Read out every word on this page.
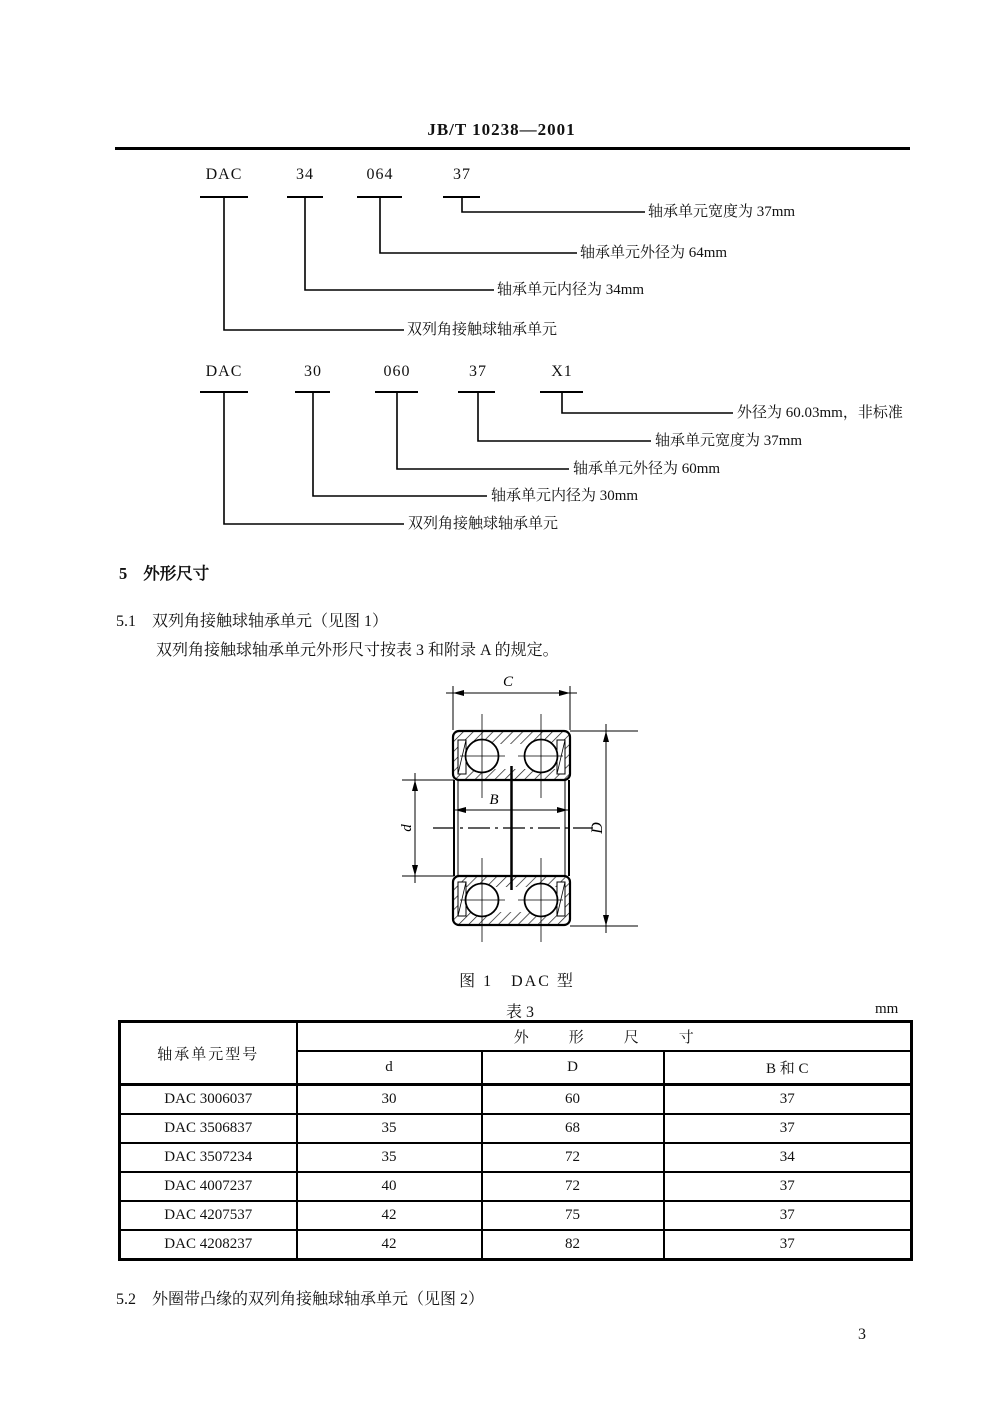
JB/T 10238—2001
DAC	34	064	37
轴承单元宽度为 37mm
轴承单元外径为 64mm
轴承单元内径为 34mm
双列角接触球轴承单元
DAC	30	060	37	X1
外径为 60.03mm，非标准
轴承单元宽度为 37mm
轴承单元外径为 60mm
轴承单元内径为 30mm
双列角接触球轴承单元
5 外形尺寸
5.1 双列角接触球轴承单元（见图 1）
双列角接触球轴承单元外形尺寸按表 3 和附录 A 的规定。
C
B
d	D
图 1　DAC 型
表 3	mm
轴承单元型号	外形尺寸		
	d	D	B 和 C
DAC 3006037	30	60	37
DAC 3506837	35	68	37
DAC 3507234	35	72	34
DAC 4007237	40	72	37
DAC 4207537	42	75	37
DAC 4208237	42	82	37
5.2 外圈带凸缘的双列角接触球轴承单元（见图 2）
3
